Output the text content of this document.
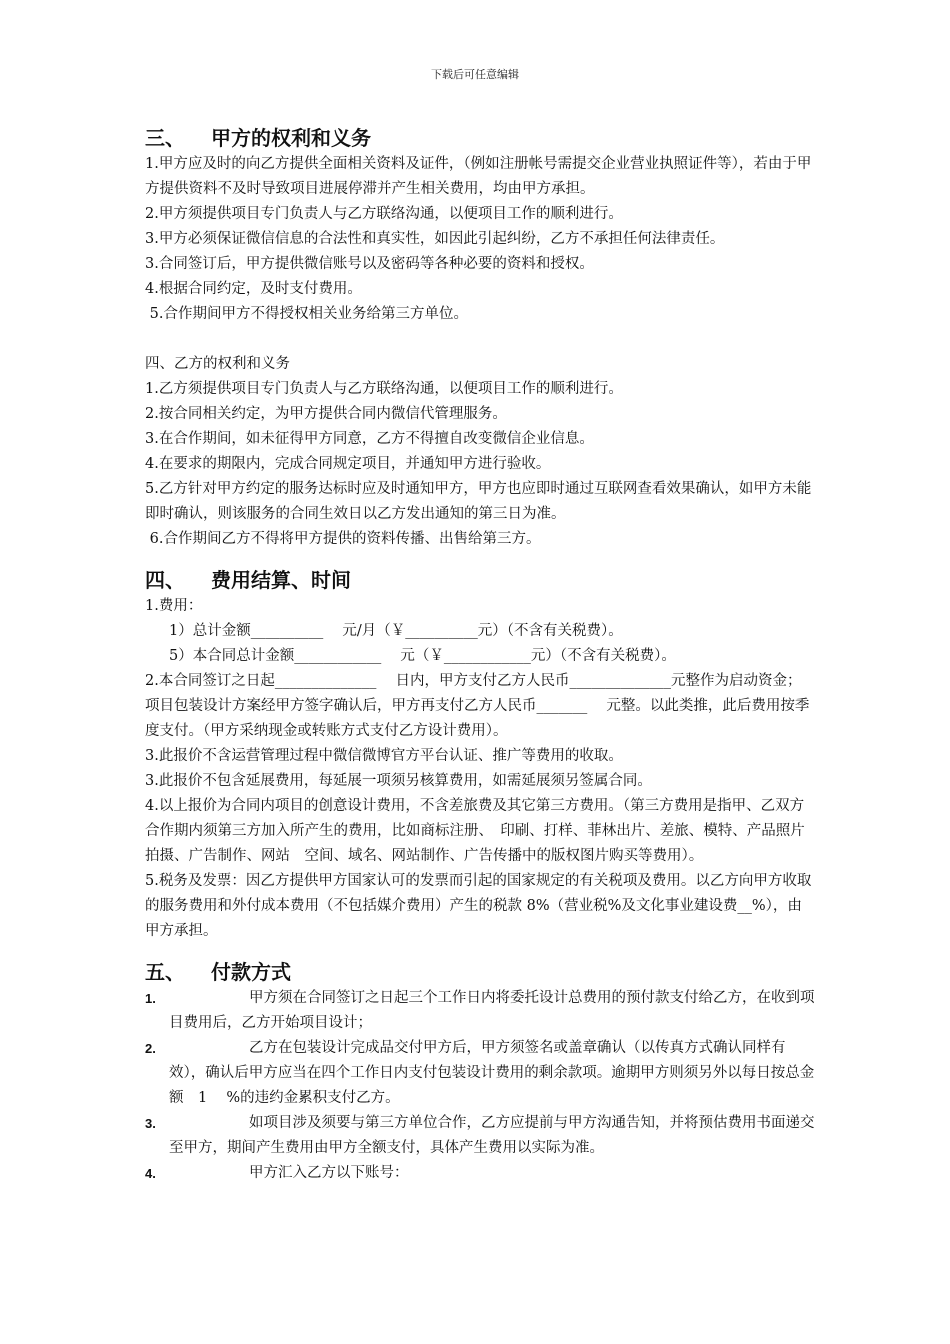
下载后可任意编辑
三、 甲方的权利和义务

1.甲方应及时的向乙方提供全面相关资料及证件，（例如注册帐号需提交企业营业执照证件等），若由于甲方提供资料不及时导致项目进展停滞并产生相关费用，均由甲方承担。

2.甲方须提供项目专门负责人与乙方联络沟通，以便项目工作的顺利进行。
3.甲方必须保证微信信息的合法性和真实性，如因此引起纠纷，乙方不承担任何法律责任。
3.合同签订后，甲方提供微信账号以及密码等各种必要的资料和授权。
4.根据合同约定，及时支付费用。
5.合作期间甲方不得授权相关业务给第三方单位。
四、乙方的权利和义务
1.乙方须提供项目专门负责人与乙方联络沟通，以便项目工作的顺利进行。
2.按合同相关约定，为甲方提供合同内微信代管理服务。
3.在合作期间，如未征得甲方同意，乙方不得擅自改变微信企业信息。
4.在要求的期限内，完成合同规定项目，并通知甲方进行验收。

5.乙方针对甲方约定的服务达标时应及时通知甲方，甲方也应即时通过互联网查看效果确认，如甲方未能即时确认，则该服务的合同生效日以乙方发出通知的第三日为准。

6.合作期间乙方不得将甲方提供的资料传播、出售给第三方。
四、 费用结算、时间
1.费用：
1）总计金额__________　 元/月（￥__________元）（不含有关税费）。
5）本合同总计金额____________　 元（￥____________元）（不含有关税费）。

2.本合同签订之日起______________　 日内，甲方支付乙方人民币______________元整作为启动资金；项目包装设计方案经甲方签字确认后，甲方再支付乙方人民币_______　 元整。以此类推，此后费用按季度支付。（甲方采纳现金或转账方式支付乙方设计费用）。

3.此报价不含运营管理过程中微信微博官方平台认证、推广等费用的收取。
3.此报价不包含延展费用，每延展一项须另核算费用，如需延展须另签属合同。

4.以上报价为合同内项目的创意设计费用，不含差旅费及其它第三方费用。（第三方费用是指甲、乙双方合作期内须第三方加入所产生的费用，比如商标注册、　印刷、打样、菲林出片、差旅、模特、产品照片拍摄、广告制作、网站　空间、域名、网站制作、广告传播中的版权图片购买等费用）。

5.税务及发票：因乙方提供甲方国家认可的发票而引起的国家规定的有关税项及费用。以乙方向甲方收取的服务费用和外付成本费用（不包括媒介费用）产生的税款 8%（营业税%及文化事业建设费__%），由甲方承担。

五、 付款方式
1.	甲方须在合同签订之日起三个工作日内将委托设计总费用的预付款支付给乙方，在收到项目费用后，乙方开始项目设计；
2.	乙方在包装设计完成品交付甲方后，甲方须签名或盖章确认（以传真方式确认同样有效），确认后甲方应当在四个工作日内支付包装设计费用的剩余款项。逾期甲方则须另外以每日按总金额　1　 %的违约金累积支付乙方。
3.	如项目涉及须要与第三方单位合作，乙方应提前与甲方沟通告知，并将预估费用书面递交至甲方，期间产生费用由甲方全额支付，具体产生费用以实际为准。
4.	甲方汇入乙方以下账号：
